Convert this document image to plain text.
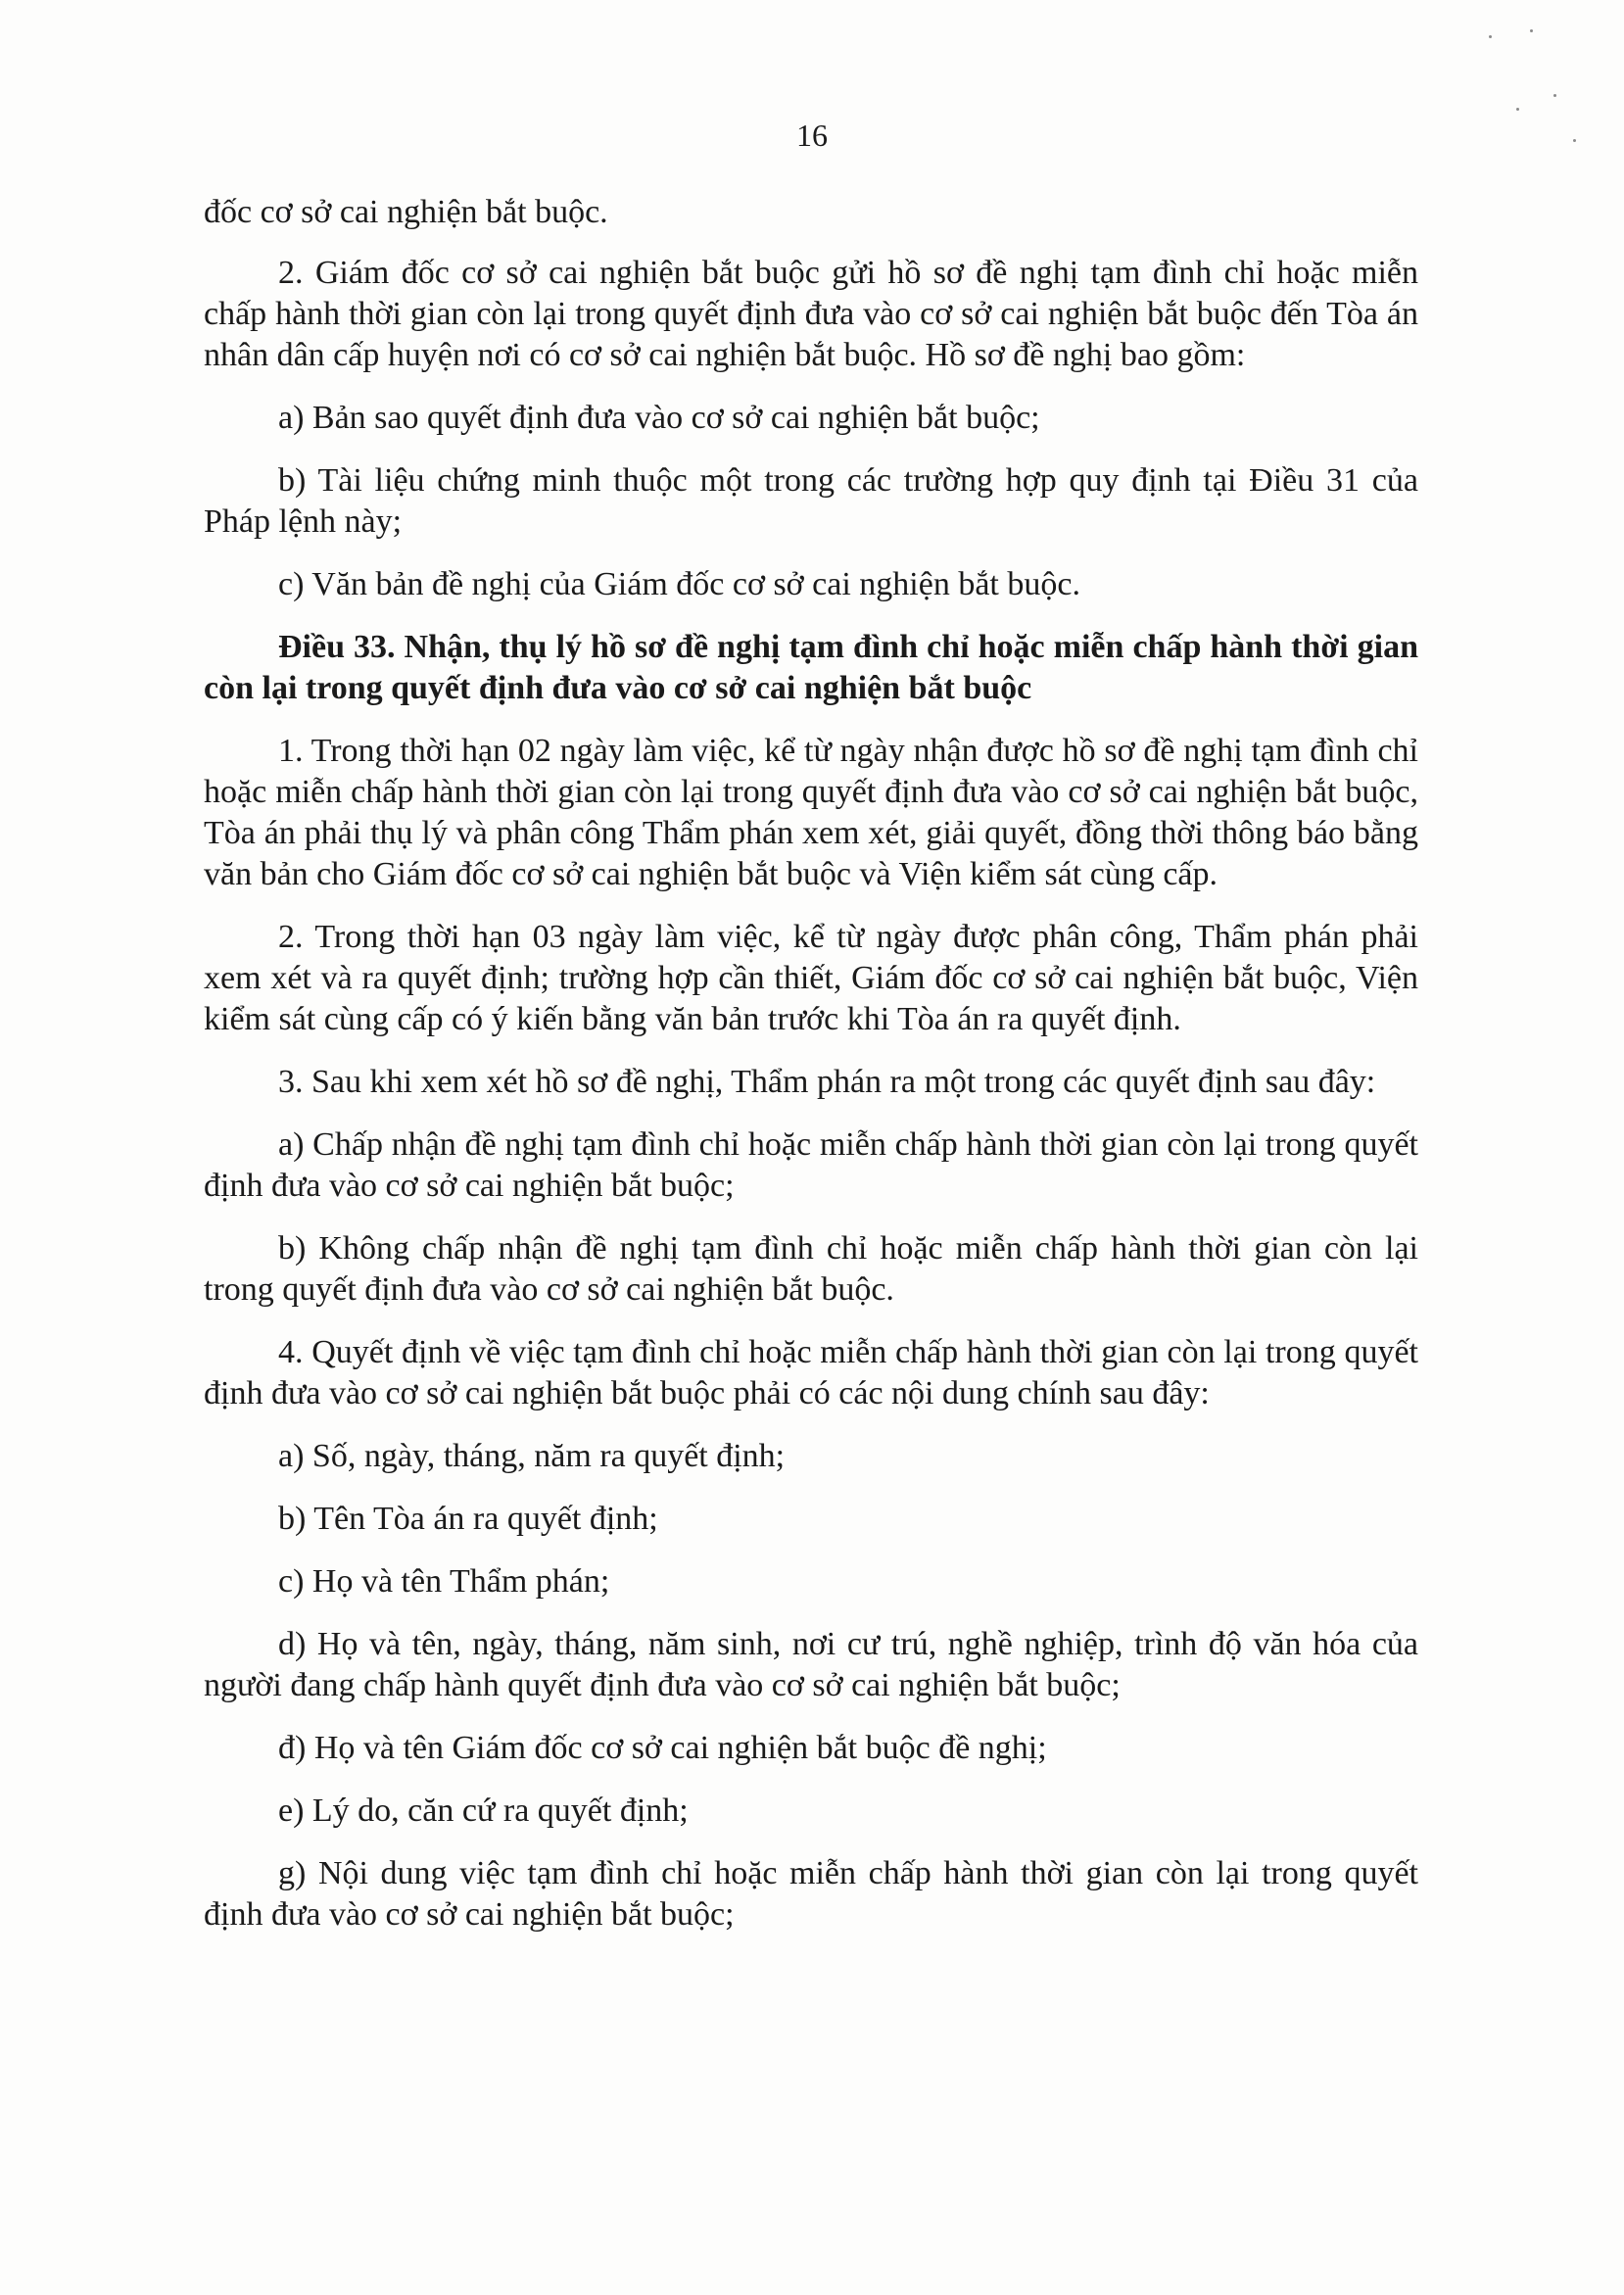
16

đốc cơ sở cai nghiện bắt buộc.

2. Giám đốc cơ sở cai nghiện bắt buộc gửi hồ sơ đề nghị tạm đình chỉ hoặc miễn chấp hành thời gian còn lại trong quyết định đưa vào cơ sở cai nghiện bắt buộc đến Tòa án nhân dân cấp huyện nơi có cơ sở cai nghiện bắt buộc. Hồ sơ đề nghị bao gồm:

a) Bản sao quyết định đưa vào cơ sở cai nghiện bắt buộc;

b) Tài liệu chứng minh thuộc một trong các trường hợp quy định tại Điều 31 của Pháp lệnh này;

c) Văn bản đề nghị của Giám đốc cơ sở cai nghiện bắt buộc.

Điều 33. Nhận, thụ lý hồ sơ đề nghị tạm đình chỉ hoặc miễn chấp hành thời gian còn lại trong quyết định đưa vào cơ sở cai nghiện bắt buộc

1. Trong thời hạn 02 ngày làm việc, kể từ ngày nhận được hồ sơ đề nghị tạm đình chỉ hoặc miễn chấp hành thời gian còn lại trong quyết định đưa vào cơ sở cai nghiện bắt buộc, Tòa án phải thụ lý và phân công Thẩm phán xem xét, giải quyết, đồng thời thông báo bằng văn bản cho Giám đốc cơ sở cai nghiện bắt buộc và Viện kiểm sát cùng cấp.

2. Trong thời hạn 03 ngày làm việc, kể từ ngày được phân công, Thẩm phán phải xem xét và ra quyết định; trường hợp cần thiết, Giám đốc cơ sở cai nghiện bắt buộc, Viện kiểm sát cùng cấp có ý kiến bằng văn bản trước khi Tòa án ra quyết định.

3. Sau khi xem xét hồ sơ đề nghị, Thẩm phán ra một trong các quyết định sau đây:

a) Chấp nhận đề nghị tạm đình chỉ hoặc miễn chấp hành thời gian còn lại trong quyết định đưa vào cơ sở cai nghiện bắt buộc;

b) Không chấp nhận đề nghị tạm đình chỉ hoặc miễn chấp hành thời gian còn lại trong quyết định đưa vào cơ sở cai nghiện bắt buộc.

4. Quyết định về việc tạm đình chỉ hoặc miễn chấp hành thời gian còn lại trong quyết định đưa vào cơ sở cai nghiện bắt buộc phải có các nội dung chính sau đây:

a) Số, ngày, tháng, năm ra quyết định;

b) Tên Tòa án ra quyết định;

c) Họ và tên Thẩm phán;

d) Họ và tên, ngày, tháng, năm sinh, nơi cư trú, nghề nghiệp, trình độ văn hóa của người đang chấp hành quyết định đưa vào cơ sở cai nghiện bắt buộc;

đ) Họ và tên Giám đốc cơ sở cai nghiện bắt buộc đề nghị;

e) Lý do, căn cứ ra quyết định;

g) Nội dung việc tạm đình chỉ hoặc miễn chấp hành thời gian còn lại trong quyết định đưa vào cơ sở cai nghiện bắt buộc;
